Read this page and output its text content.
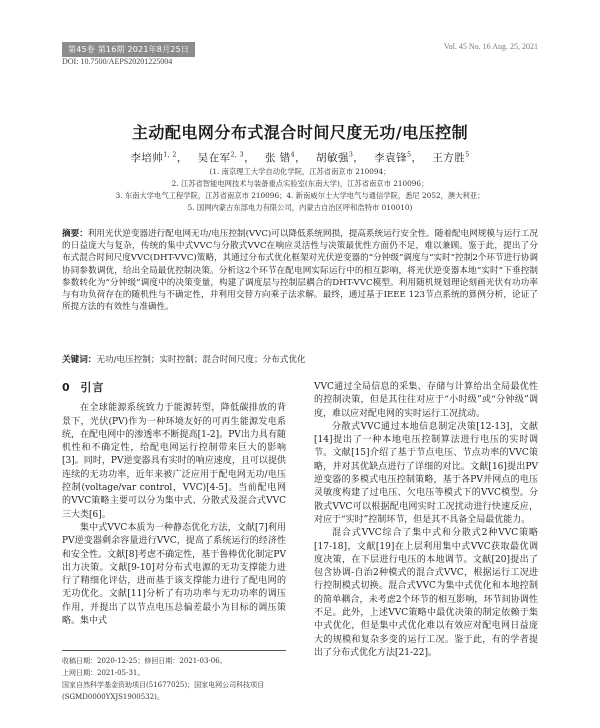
第45卷 第16期 2021年8月25日	Vol. 45 No. 16 Aug. 25, 2021
DOI: 10.7500/AEPS20201225004
主动配电网分布式混合时间尺度无功/电压控制
李培帅$^{1, 2}$， 吴在军$^{2, 3}$， 张 错$^4$， 胡敏强$^3$， 李袁锋$^5$， 王方胜$^5$
(1. 南京理工大学自动化学院，江苏省南京市 210094；
2. 江苏省智能电网技术与装备重点实验室(东南大学)，江苏省南京市 210096；
3. 东南大学电气工程学院，江苏省南京市 210096；4. 新南威尔士大学电气与通信学院，悉尼 2052，澳大利亚；
5. 国网内蒙古东部电力有限公司，内蒙古自治区呼和浩特市 010010)
摘要：利用光伏逆变器进行配电网无功/电压控制(VVC)可以降低系统网损，提高系统运行安全性。随着配电网规模与运行工况的日益庞大与复杂，传统的集中式VVC与分散式VVC在响应灵活性与决策最优性方面仍不足，难以兼顾。鉴于此，提出了分布式混合时间尺度VVC(DHT-VVC)策略，其通过分布式优化框架对光伏逆变器的“分钟级”调度与“实时”控制2个环节进行协调协同参数调优，给出全局最优控制决策。分析这2个环节在配电网实际运行中的相互影响，将光伏逆变器本地“实时”下垂控制参数转化为“分钟级”调度中的决策变量，构建了调度层与控制层耦合的DHT-VVC模型。利用随机规划理论刻画光伏有功功率与有功负荷存在的随机性与不确定性，并利用交替方向乘子法求解。最终，通过基于IEEE 123节点系统的算例分析，论证了所提方法的有效性与准确性。
关键词：无功/电压控制；实时控制；混合时间尺度；分布式优化
0 引言

在全球能源系统致力于能源转型，降低碳排放的背景下，光伏(PV)作为一种环境友好的可再生能源发电系统，在配电网中的渗透率不断提高[1-2]。PV出力具有随机性和不确定性，给配电网运行控制带来巨大的影响[3]。同时，PV逆变器具有实时的响应速度，且可以提供连续的无功功率，近年来被广泛应用于配电网无功/电压控制(voltage/var control，VVC)[4-5]。当前配电网的VVC策略主要可以分为集中式、分散式及混合式VVC三大类[6]。

集中式VVC本质为一种静态优化方法，文献[7]利用PV逆变器剩余容量进行VVC，提高了系统运行的经济性和安全性。文献[8]考虑不确定性，基于鲁棒优化制定PV出力决策。文献[9-10]对分布式电源的无功支撑能力进行了精细化评估，进而基于该支撑能力进行了配电网的无功优化。文献[11]分析了有功功率与无功功率的调压作用，并提出了以节点电压总偏差最小为目标的调压策略。集中式

VVC通过全局信息的采集、存储与计算给出全局最优性的控制决策，但是其往往对应于“小时级”或“分钟级”调度，难以应对配电网的实时运行工况扰动。

分散式VVC通过本地信息制定决策[12-13]，文献[14]提出了一种本地电压控制算法进行电压的实时调节。文献[15]介绍了基于节点电压、节点功率的VVC策略，并对其优缺点进行了详细的对比。文献[16]提出PV逆变器的多模式电压控制策略，基于各PV并网点的电压灵敏度构建了过电压、欠电压等模式下的VVC模型。分散式VVC可以根据配电网实时工况扰动进行快速反应，对应于“实时”控制环节，但是其不具备全局最优能力。

混合式VVC综合了集中式和分散式2种VVC策略[17-18]，文献[19]在上层利用集中式VVC获取最优调度决策，在下层进行电压的本地调节。文献[20]提出了包含协调-自治2种模式的混合式VVC，根据运行工况进行控制模式切换。混合式VVC为集中式优化和本地控制的简单耦合，未考虑2个环节的相互影响，环节间协调性不足。此外，上述VVC策略中最优决策的制定依赖于集中式优化，但是集中式优化难以有效应对配电网日益庞大的规模和复杂多变的运行工况。鉴于此，有的学者提出了分布式优化方法[21-22]。

收稿日期：2020-12-25；修回日期：2021-03-06。
上网日期：2021-05-31。
国家自然科学基金资助项目(51677025)；国家电网公司科技项目(SGMD0000YXJS1900532)。
